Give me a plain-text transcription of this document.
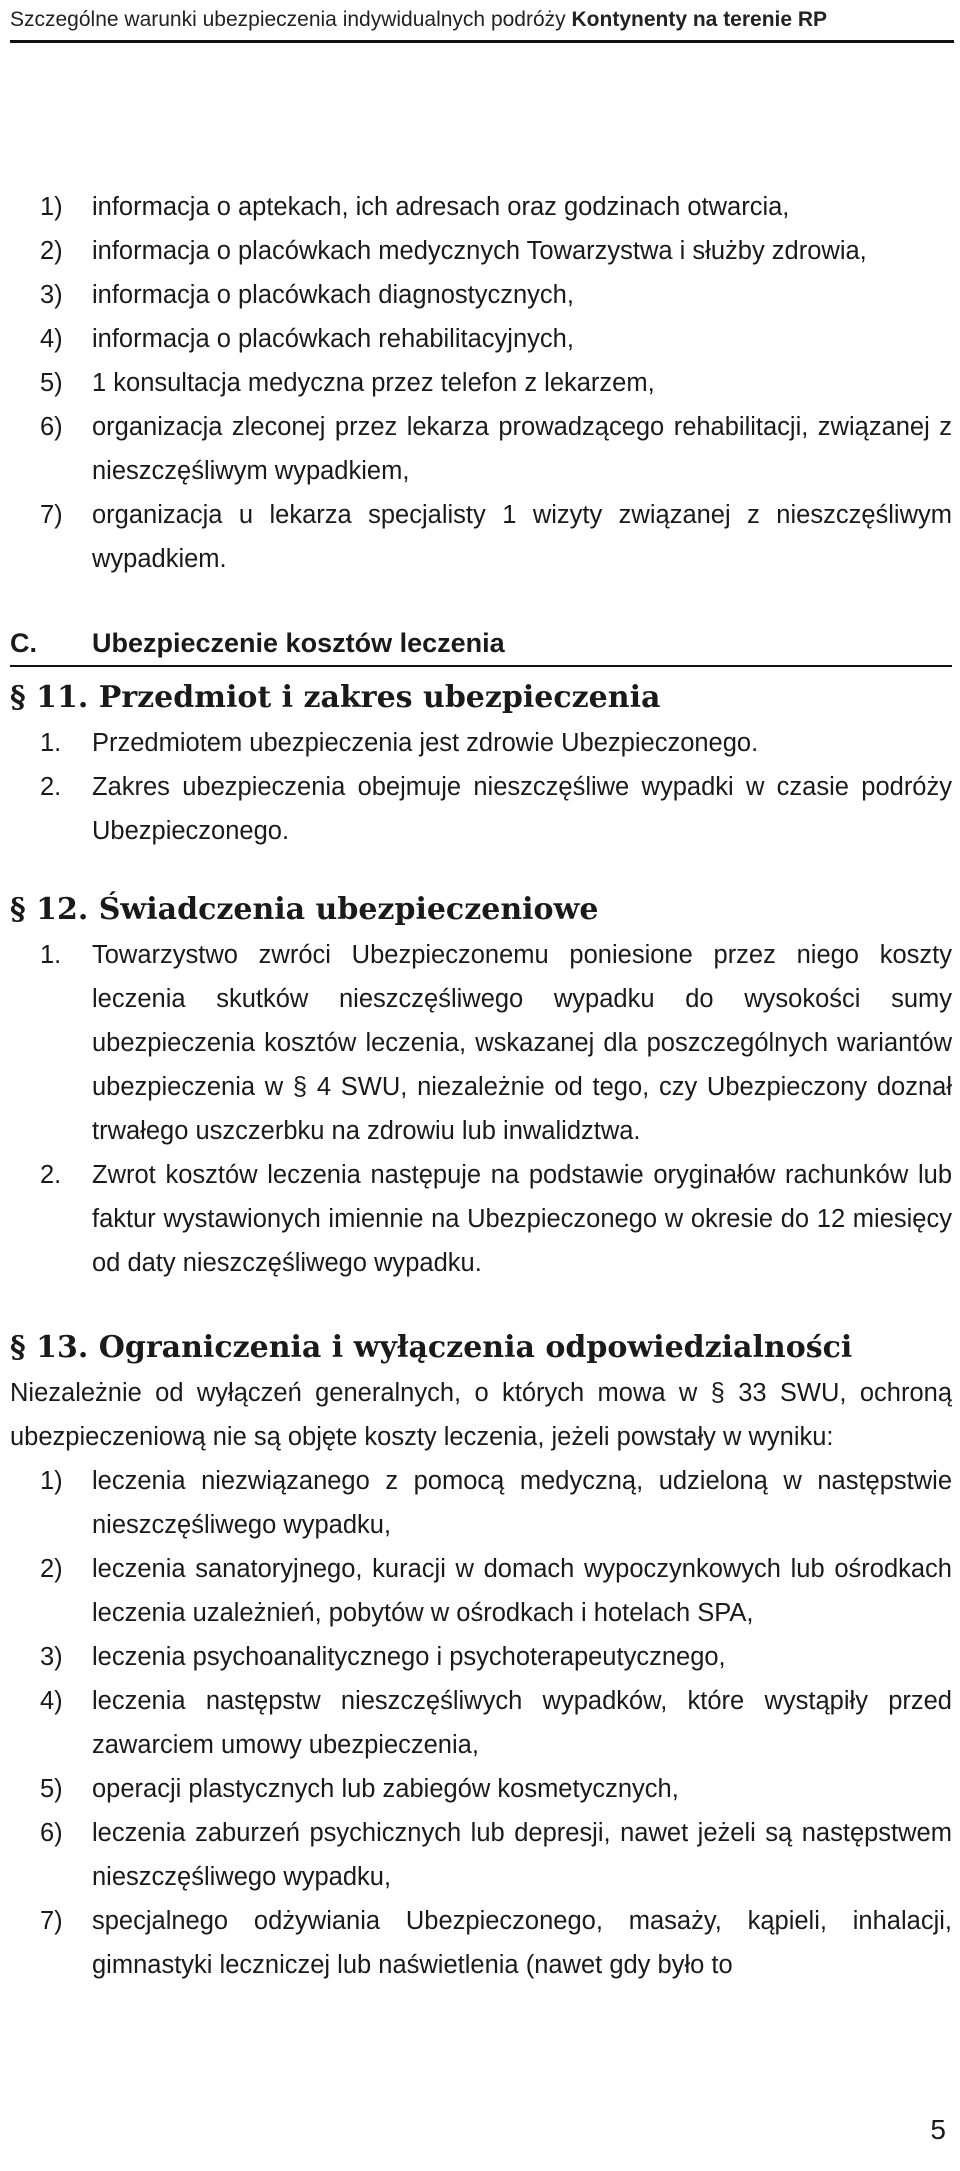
Szczególne warunki ubezpieczenia indywidualnych podróży Kontynenty na terenie RP
1)	informacja o aptekach, ich adresach oraz godzinach otwarcia,
2)	informacja o placówkach medycznych Towarzystwa i służby zdrowia,
3)	informacja o placówkach diagnostycznych,
4)	informacja o placówkach rehabilitacyjnych,
5)	1 konsultacja medyczna przez telefon z lekarzem,
6)	organizacja zleconej przez lekarza prowadzącego rehabilitacji, związanej z nieszczęśliwym wypadkiem,
7)	organizacja u lekarza specjalisty 1 wizyty związanej z nieszczęśliwym wypadkiem.
C.	Ubezpieczenie kosztów leczenia
§ 11. Przedmiot i zakres ubezpieczenia
1.	Przedmiotem ubezpieczenia jest zdrowie Ubezpieczonego.
2.	Zakres ubezpieczenia obejmuje nieszczęśliwe wypadki w czasie podróży Ubezpieczonego.
§ 12. Świadczenia ubezpieczeniowe
1.	Towarzystwo zwróci Ubezpieczonemu poniesione przez niego koszty leczenia skutków nieszczęśliwego wypadku do wysokości sumy ubezpieczenia kosztów leczenia, wskazanej dla poszczególnych wariantów ubezpieczenia w § 4 SWU, niezależnie od tego, czy Ubezpieczony doznał trwałego uszczerbku na zdrowiu lub inwalidztwa.
2.	Zwrot kosztów leczenia następuje na podstawie oryginałów rachunków lub faktur wystawionych imiennie na Ubezpieczonego w okresie do 12 miesięcy od daty nieszczęśliwego wypadku.
§ 13. Ograniczenia i wyłączenia odpowiedzialności
Niezależnie od wyłączeń generalnych, o których mowa w § 33 SWU, ochroną ubezpieczeniową nie są objęte koszty leczenia, jeżeli powstały w wyniku:
1)	leczenia niezwiązanego z pomocą medyczną, udzieloną w następstwie nieszczęśliwego wypadku,
2)	leczenia sanatoryjnego, kuracji w domach wypoczynkowych lub ośrodkach leczenia uzależnień, pobytów w ośrodkach i hotelach SPA,
3)	leczenia psychoanalitycznego i psychoterapeutycznego,
4)	leczenia następstw nieszczęśliwych wypadków, które wystąpiły przed zawarciem umowy ubezpieczenia,
5)	operacji plastycznych lub zabiegów kosmetycznych,
6)	leczenia zaburzeń psychicznych lub depresji, nawet jeżeli są następstwem nieszczęśliwego wypadku,
7)	specjalnego odżywiania Ubezpieczonego, masaży, kąpieli, inhalacji, gimnastyki leczniczej lub naświetlenia (nawet gdy było to
5
